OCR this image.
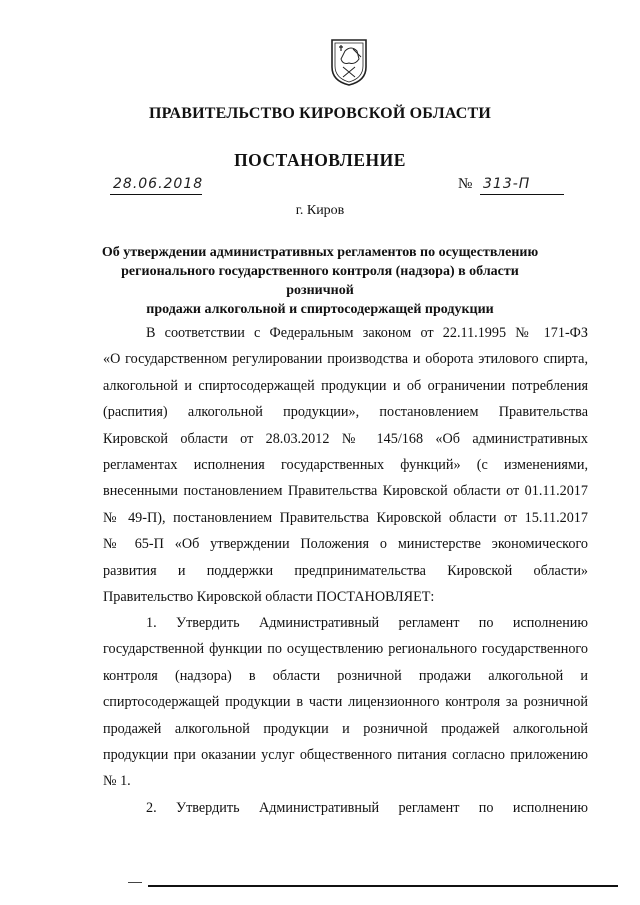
ПРАВИТЕЛЬСТВО КИРОВСКОЙ ОБЛАСТИ
ПОСТАНОВЛЕНИЕ
28.06.2018	№ 313-П
г. Киров
Об утверждении административных регламентов по осуществлению
регионального государственного контроля (надзора) в области розничной
продажи алкогольной и спиртосодержащей продукции
В соответствии с Федеральным законом от 22.11.1995 № 171-ФЗ
«О государственном регулировании производства и оборота этилового спирта,
алкогольной и спиртосодержащей продукции и об ограничении потребления
(распития) алкогольной продукции», постановлением Правительства
Кировской области от 28.03.2012 № 145/168 «Об административных
регламентах исполнения государственных функций» (с изменениями,
внесенными постановлением Правительства Кировской области от 01.11.2017
№ 49-П), постановлением Правительства Кировской области от 15.11.2017
№ 65-П «Об утверждении Положения о министерстве экономического
развития и поддержки предпринимательства Кировской области»
Правительство Кировской области ПОСТАНОВЛЯЕТ:
1. Утвердить Административный регламент по исполнению
государственной функции по осуществлению регионального государственного
контроля (надзора) в области розничной продажи алкогольной и
спиртосодержащей продукции в части лицензионного контроля за розничной
продажей алкогольной продукции и розничной продажей алкогольной
продукции при оказании услуг общественного питания согласно приложению
№ 1.
2. Утвердить Административный регламент по исполнению
